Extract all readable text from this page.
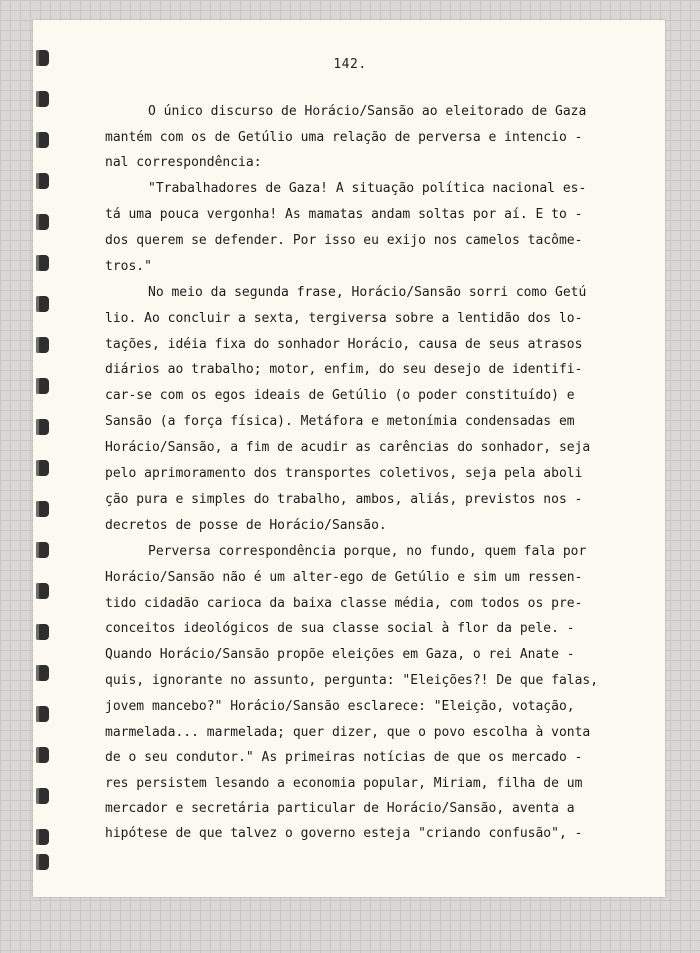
142.
O único discurso de Horácio/Sansão ao eleitorado de Gaza
mantém com os de Getúlio uma relação de perversa e intencio -
nal correspondência:
"Trabalhadores de Gaza! A situação política nacional es-
tá uma pouca vergonha! As mamatas andam soltas por aí. E to -
dos querem se defender. Por isso eu exijo nos camelos tacôme-
tros."
No meio da segunda frase, Horácio/Sansão sorri como Getú
lio. Ao concluir a sexta, tergiversa sobre a lentidão dos lo-
tações, idéia fixa do sonhador Horácio, causa de seus atrasos
diários ao trabalho; motor, enfim, do seu desejo de identifi-
car-se com os egos ideais de Getúlio (o poder constituído) e
Sansão (a força física). Metáfora e metonímia condensadas em
Horácio/Sansão, a fim de acudir as carências do sonhador, seja
pelo aprimoramento dos transportes coletivos, seja pela aboli
ção pura e simples do trabalho, ambos, aliás, previstos nos -
decretos de posse de Horácio/Sansão.
Perversa correspondência porque, no fundo, quem fala por
Horácio/Sansão não é um alter-ego de Getúlio e sim um ressen-
tido cidadão carioca da baixa classe média, com todos os pre-
conceitos ideológicos de sua classe social à flor da pele. -
Quando Horácio/Sansão propõe eleições em Gaza, o rei Anate -
quis, ignorante no assunto, pergunta: "Eleições?! De que falas,
jovem mancebo?" Horácio/Sansão esclarece: "Eleição, votação,
marmelada... marmelada; quer dizer, que o povo escolha à vonta
de o seu condutor." As primeiras notícias de que os mercado -
res persistem lesando a economia popular, Miriam, filha de um
mercador e secretária particular de Horácio/Sansão, aventa a
hipótese de que talvez o governo esteja "criando confusão", -
